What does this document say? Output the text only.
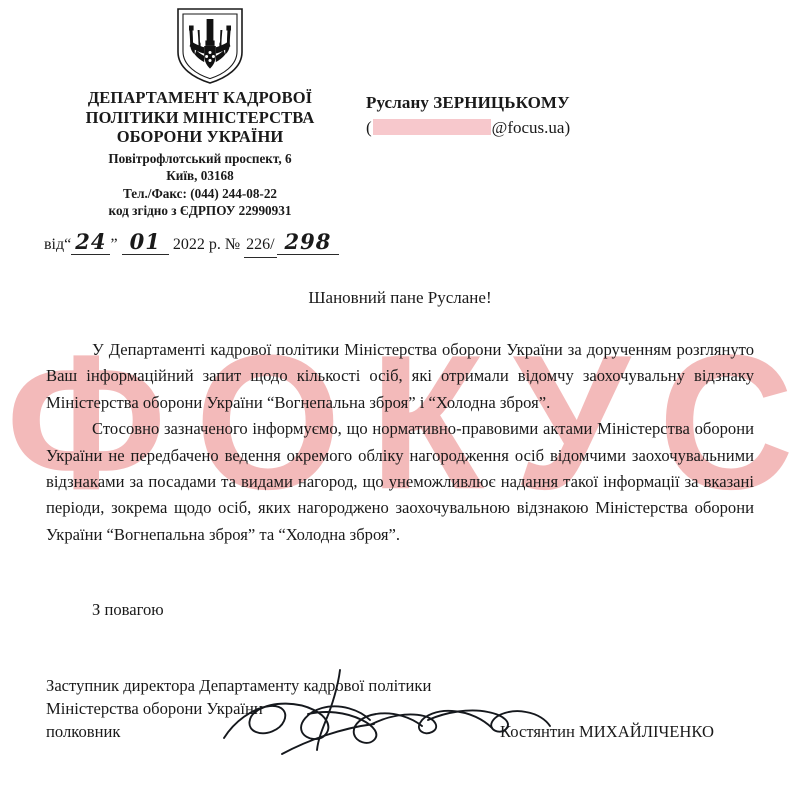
Ф О К У С
ДЕПАРТАМЕНТ КАДРОВОЇ
ПОЛІТИКИ МІНІСТЕРСТВА
ОБОРОНИ УКРАЇНИ
Повітрофлотський проспект, 6
Київ, 03168
Тел./Факс: (044) 244-08-22
код згідно з ЄДРПОУ 22990931
від“ 24 ” 01 2022 р. № 226/ 298
Руслану ЗЕРНИЦЬКОМУ
(	@focus.ua)
Шановний пане Руслане!

У Департаменті кадрової політики Міністерства оборони України за дорученням розглянуто Ваш інформаційний запит щодо кількості осіб, які отримали відомчу заохочувальну відзнаку Міністерства оборони України “Вогнепальна зброя” і “Холодна зброя”.

Стосовно зазначеного інформуємо, що нормативно-правовими актами Міністерства оборони України не передбачено ведення окремого обліку нагородження осіб відомчими заохочувальними відзнаками за посадами та видами нагород, що унеможливлює надання такої інформації за вказані періоди, зокрема щодо осіб, яких нагороджено заохочувальною відзнакою Міністерства оборони України “Вогнепальна зброя” та “Холодна зброя”.

З повагою
Заступник директора Департаменту кадрової політики
Міністерства оборони України
полковник	Костянтин МИХАЙЛІЧЕНКО
